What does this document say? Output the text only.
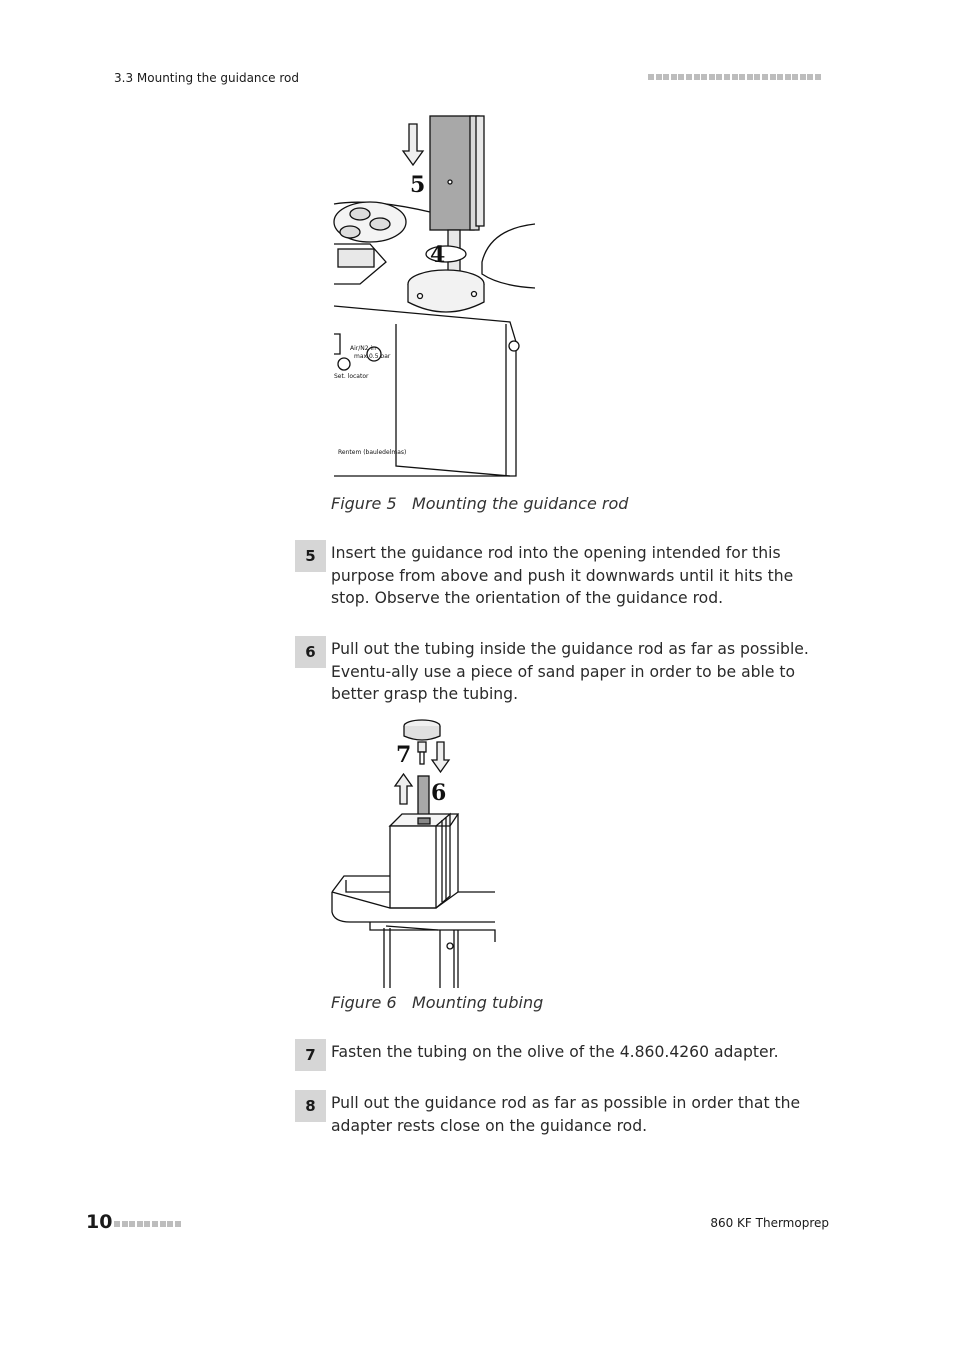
3.3 Mounting the guidance rod
Air/N2 in
max 0.5 bar
Set. locator
Rentem (bauledelmas)
5
4
Figure 5 Mounting the guidance rod
5 Insert the guidance rod into the opening intended for this purpose from above and push it downwards until it hits the stop. Observe the orientation of the guidance rod.
6 Pull out the tubing inside the guidance rod as far as possible. Eventu-ally use a piece of sand paper in order to be able to better grasp the tubing.
7
6
Figure 6 Mounting tubing
7 Fasten the tubing on the olive of the 4.860.4260 adapter.
8 Pull out the guidance rod as far as possible in order that the adapter rests close on the guidance rod.
10	860 KF Thermoprep
